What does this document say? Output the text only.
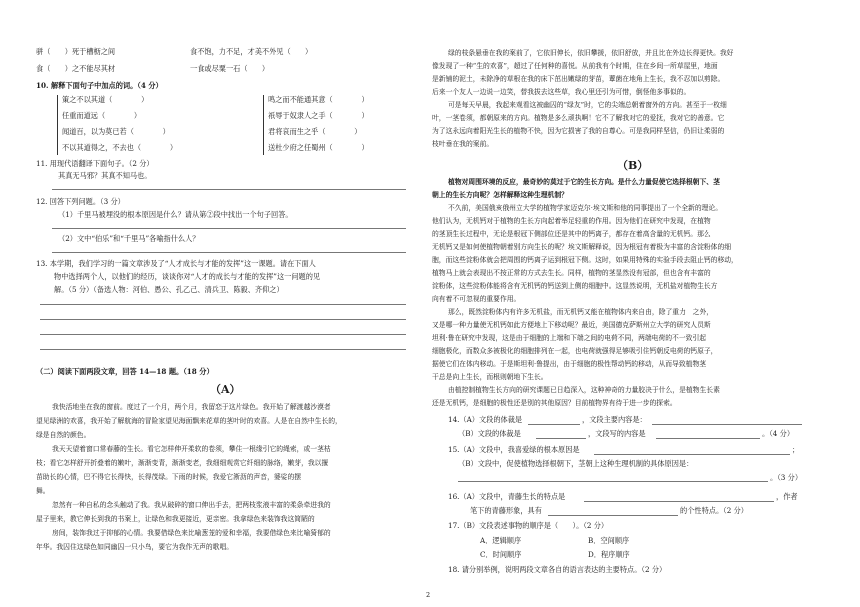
骈（　　）死于槽枥之间	食不饱，力不足，才美不外见（　　）
食（　　）之不能尽其材	一食或尽粟一石（　　）
10. 解释下面句子中加点的词。（4 分）
策之不以其道（　　　　）
任重而道远（　　　　）
闻道百，以为莫已若（　　　　）
不以其道得之，不去也（　　　　）
鸣之而不能通其意（　　　　）
祇辱于奴隶人之手（　　　　）
君将哀而生之乎（　　　　）
送杜少府之任蜀州（　　　　）
11. 用现代语翻译下面句子。（2 分）
其真无马邪？其真不知马也。
12. 回答下列问题。（3 分）
（1）千里马被埋没的根本原因是什么？请从第②段中找出一个句子回答。
（2）文中“伯乐”和“千里马”各喻指什么人？
13. 本学期，我们学习的一篇文章涉及了“人才成长与才能的发挥”这一课题。请在下面人
物中选择两个人，以他们的经历，谈谈你对“人才的成长与才能的发挥”这一问题的见
解。（5 分）（备选人物：河伯、愚公、孔乙己、清兵卫、陈毅、齐仰之）
（二）阅读下面两段文章，回答 14—18 题。（18 分）
（A）
我快活地坐在我的窗前。度过了一个月，两个月，我留恋于这片绿色。我开始了解渡越沙漠者
望见绿洲的欢喜，我开始了解航海的冒险家望见海面飘来花草的茎叶时的欢喜。人是在自然中生长的，
绿是自然的颜色。
我天天望着窗口常春藤的生长。看它怎样伸开柔软的卷须，攀住一根缘引它的绳索，或一茎枯
枝；看它怎样舒开折叠着的嫩叶，渐渐变青，渐渐变老，我细细观赏它纤细的脉络，嫩芽，我以揠
苗助长的心情，巴不得它长得快，长得茂绿。下雨的时候，我爱它淅沥的声音，婆娑的摆
舞。
忽然有一种自私的念头触动了我。我从破碎的窗口伸出手去，把两枝浆液丰富的柔条牵进我的
屋子里来，教它伸长到我的书案上，让绿色和我更接近，更亲密。我拿绿色来装饰我这简陋的
房间，装饰我过于抑郁的心情。我要借绿色来比喻葱茏的爱和幸福，我要借绿色来比喻猗郁的
年华。我囚住这绿色如同幽囚一只小鸟，要它为我作无声的歌唱。
绿的枝条悬垂在我的案前了，它依旧伸长，依旧攀援，依旧舒放，并且比在外边长得更快。我好
像发现了一种“生的欢喜”，超过了任何种的喜悦。从前我有个时期，住在乡间一所草屋里，地面
是新铺的泥土，未除净的草根在我的床下茁出嫩绿的芽苗，蕈菌在地角上生长，我不忍加以剪除。
后来一个友人一边说一边笑，替我拔去这些草，我心里还引为可惜，倒怪他多事似的。
可是每天早晨，我起来观看这被幽囚的“绿友”时，它的尖端总朝着窗外的方向。甚至于一枚细
叶，一茎卷须，都朝原来的方向。植物是多么顽执啊！它不了解我对它的爱抚，我对它的善意。它
为了这永远向着阳光生长的植物不快，因为它损害了我的自尊心。可是我同样坚信，仍旧让柔弱的
枝叶垂在我的案前。
（B）
植物对周围环境的反应，最奇妙的莫过于它的生长方向。是什么力量促使它选择根朝下、茎
朝上的生长方向呢？怎样解释这种生理机制？
不久前，美国俄亥俄州立大学的植物学家迈克尔·埃文斯和他的同事提出了一个全新的理论。
他们认为，无机钙对于植物的生长方向起着举足轻重的作用。因为他们在研究中发现，在植物
的茎顶生长过程中，无论是根冠下侧部位还是其中的钙离子，都存在着高含量的无机钙。那么
无机钙又是如何使植物朝着别方向生长的呢？埃文斯解释说，因为根冠有着极为丰富的含淀粉体的细
胞，而这些淀粉体就会把周围的钙离子运到根冠下侧。这时，如果用特殊的实验手段去阻止钙的移动，
植物马上就会表现出不按正常的方式去生长。同样，植物的茎显然没有冠部，但也含有丰富的
淀粉体，这些淀粉体能将含有无机钙的钙送到上侧的细胞中。这显然说明，无机盐对植物生长方
向有着不可忽视的重要作用。
那么，既然淀粉体内有许多无机盐，而无机钙又能在植物体内来自由，除了重力　之外，
又是哪一种力量使无机钙如此方便地上下移动呢？最近，美国德克萨斯州立大学的研究人员斯
坦利·鲁在研究中发现，这是由于细胞的上端和下端之间的电荷不同，两端电荷的不一致引起
细胞极化，而数众多被极化的细胞排列在一起，也电荷就强得足够吸引住钙朝反电荷的钙原子，
据使它们在体内移动。于是斯坦利·鲁提出，由于细胞的极性帮动钙的移动，从而导致植物茎
干总是向上生长，而根则朝地下生长。
由植控制植物生长方向的研究课题已日趋深入，这种神奇的力量胶决于什么，是植物生长素
还是无机钙，是细胞的极性还是别的其他原因？目前植物界有待于进一步的探索。
14.（A）文段的体裁是	，文段主要内容是：
（B）文段的体裁是	，文段写的内容是	。（4 分）
15.（A）文段中，我喜爱绿的根本原因是	；
（B）文段中，促使植物选择根朝下，茎朝上这种生理机制的具体原因是：
。（3 分）
16.（A）文段中，青藤生长的特点是	，作者
笔下的青藤形象，具有	的个性特点。（2 分）
17.（B）文段表述事物的顺序是（　　）。（2 分）
A．逻辑顺序	B．空间顺序
C．时间顺序	D．程序顺序
18. 请分别举例，说明两段文章各自的语言表达的主要特点。（2 分）
2
